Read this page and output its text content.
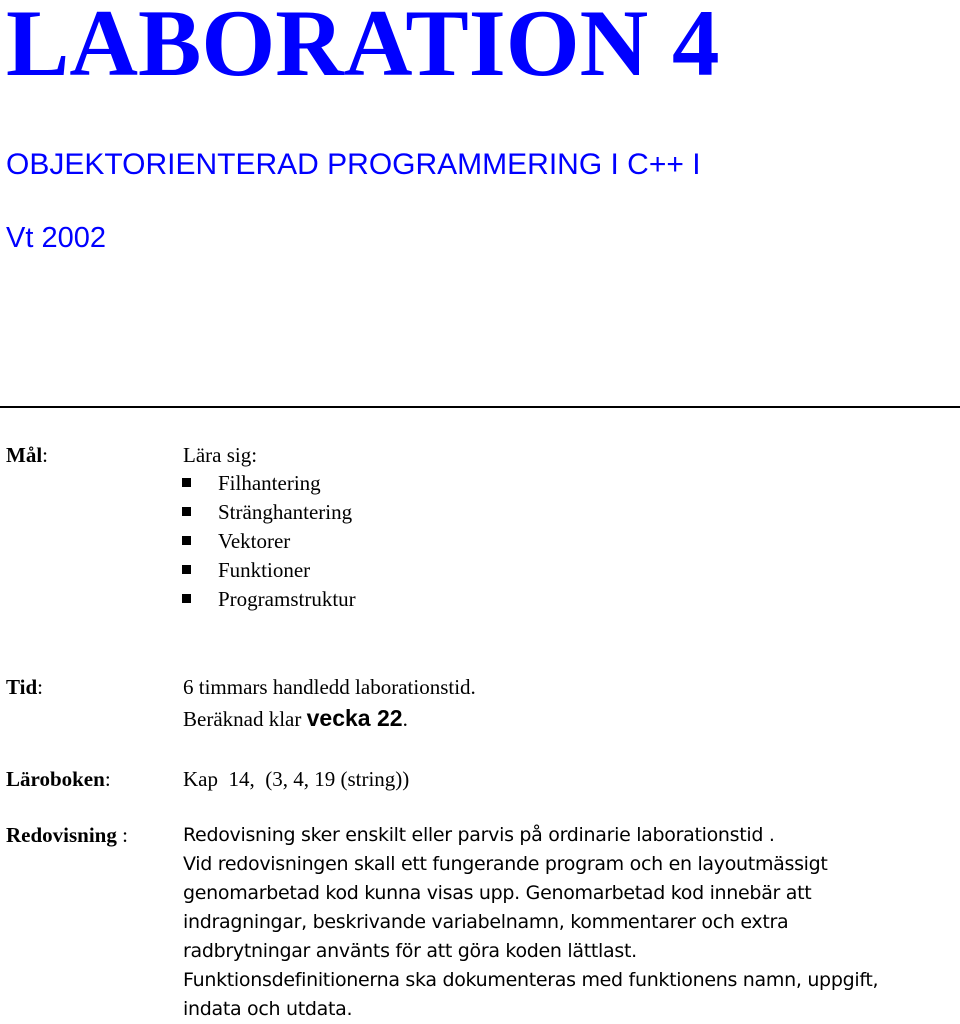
LABORATION 4
OBJEKTORIENTERAD PROGRAMMERING I C++ I
Vt 2002
Mål:	Lära sig:
Filhantering
Stränghantering
Vektorer
Funktioner
Programstruktur
Tid:	6 timmars handledd laborationstid.
Beräknad klar vecka 22.
Läroboken:	Kap  14,  (3, 4, 19 (string))
Redovisning :	Redovisning sker enskilt eller parvis på ordinarie laborationstid .
Vid redovisningen skall ett fungerande program och en layoutmässigt
genomarbetad kod kunna visas upp. Genomarbetad kod innebär att
indragningar, beskrivande variabelnamn, kommentarer och extra
radbrytningar använts för att göra koden lättlast.
Funktionsdefinitionerna ska dokumenteras med funktionens namn, uppgift,
indata och utdata.
